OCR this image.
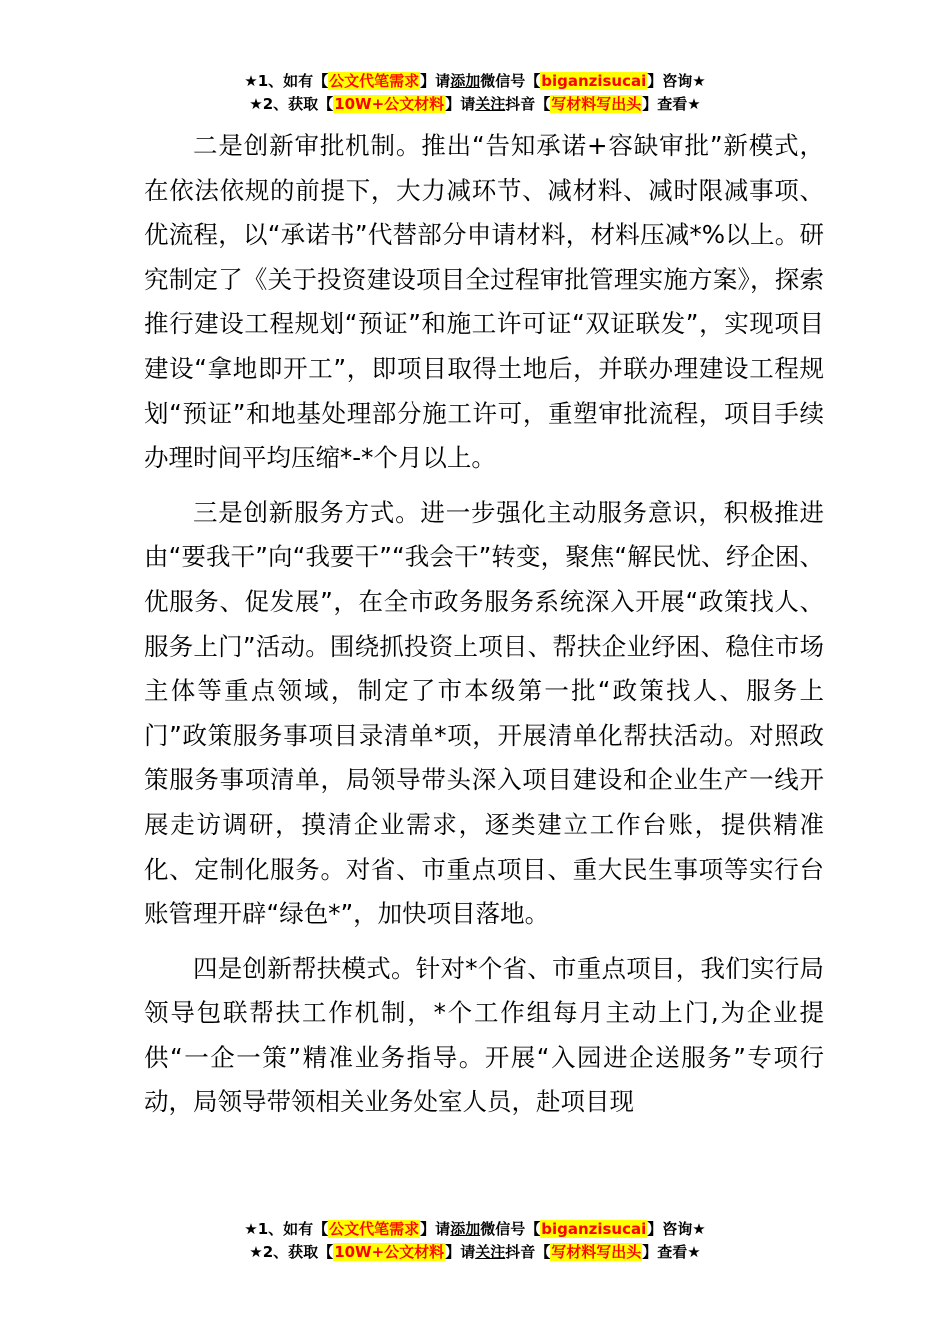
★1、如有【公文代笔需求】请添加微信号【biganzisucai】咨询★
★2、获取【10W+公文材料】请关注抖音【写材料写出头】查看★

二是创新审批机制。推出“告知承诺+容缺审批”新模式，在依法依规的前提下，大力减环节、减材料、减时限减事项、优流程，以“承诺书”代替部分申请材料，材料压减*%以上。研究制定了《关于投资建设项目全过程审批管理实施方案》，探索推行建设工程规划“预证”和施工许可证“双证联发”，实现项目建设“拿地即开工”，即项目取得土地后，并联办理建设工程规划“预证”和地基处理部分施工许可，重塑审批流程，项目手续办理时间平均压缩*-*个月以上。

三是创新服务方式。进一步强化主动服务意识，积极推进由“要我干”向“我要干”“我会干”转变，聚焦“解民忧、纾企困、优服务、促发展”，在全市政务服务系统深入开展“政策找人、服务上门”活动。围绕抓投资上项目、帮扶企业纾困、稳住市场主体等重点领域，制定了市本级第一批“政策找人、服务上门”政策服务事项目录清单*项，开展清单化帮扶活动。对照政策服务事项清单，局领导带头深入项目建设和企业生产一线开展走访调研，摸清企业需求，逐类建立工作台账，提供精准化、定制化服务。对省、市重点项目、重大民生事项等实行台账管理开辟“绿色*”，加快项目落地。

四是创新帮扶模式。针对*个省、市重点项目，我们实行局领导包联帮扶工作机制，*个工作组每月主动上门,为企业提供“一企一策”精准业务指导。开展“入园进企送服务”专项行动，局领导带领相关业务处室人员，赴项目现

★1、如有【公文代笔需求】请添加微信号【biganzisucai】咨询★
★2、获取【10W+公文材料】请关注抖音【写材料写出头】查看★
